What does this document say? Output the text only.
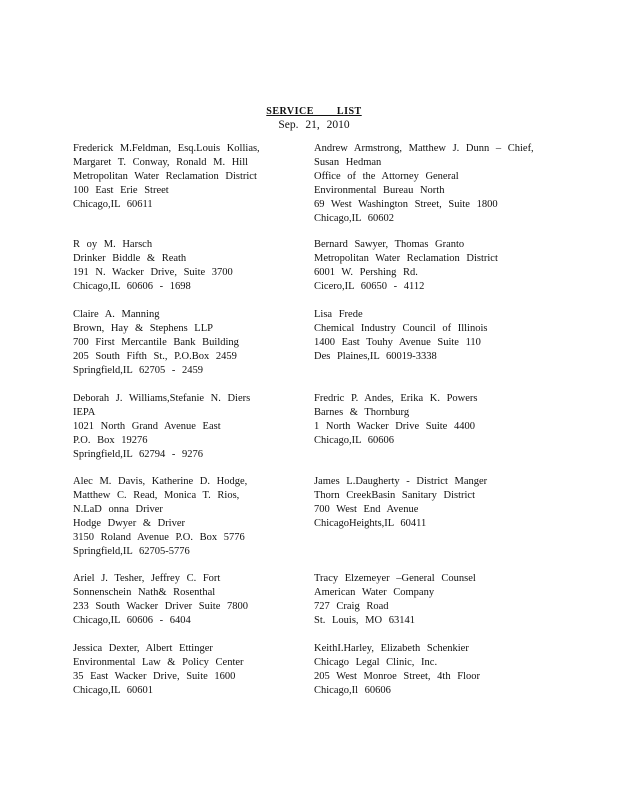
SERVICE LIST
Sep. 21, 2010
Frederick M.Feldman, Esq.Louis Kollias,
Margaret T. Conway, Ronald M. Hill
Metropolitan Water Reclamation District
100 East Erie Street
Chicago,IL 60611
Andrew Armstrong, Matthew J. Dunn – Chief,
Susan Hedman
Office of the Attorney General
Environmental Bureau North
69 West Washington Street, Suite 1800
Chicago,IL 60602
R oy M. Harsch
Drinker Biddle & Reath
191 N. Wacker Drive, Suite 3700
Chicago,IL 60606 - 1698
Bernard Sawyer, Thomas Granto
Metropolitan Water Reclamation District
6001 W. Pershing Rd.
Cicero,IL 60650 - 4112
Claire A. Manning
Brown, Hay & Stephens LLP
700 First Mercantile Bank Building
205 South Fifth St., P.O.Box 2459
Springfield,IL 62705 - 2459
Lisa Frede
Chemical Industry Council of Illinois
1400 East Touhy Avenue Suite 110
Des Plaines,IL 60019-3338
Deborah J. Williams,Stefanie N. Diers
IEPA
1021 North Grand Avenue East
P.O. Box 19276
Springfield,IL 62794 - 9276
Fredric P. Andes, Erika K. Powers
Barnes & Thornburg
1 North Wacker Drive Suite 4400
Chicago,IL 60606
Alec M. Davis, Katherine D. Hodge,
Matthew C. Read, Monica T. Rios,
N.LaD onna Driver
Hodge Dwyer & Driver
3150 Roland Avenue P.O. Box 5776
Springfield,IL 62705-5776
James L.Daugherty - District Manger
Thorn CreekBasin Sanitary District
700 West End Avenue
ChicagoHeights,IL 60411
Ariel J. Tesher, Jeffrey C. Fort
Sonnenschein Nath& Rosenthal
233 South Wacker Driver Suite 7800
Chicago,IL 60606 - 6404
Tracy Elzemeyer –General Counsel
American Water Company
727 Craig Road
St. Louis, MO 63141
Jessica Dexter, Albert Ettinger
Environmental Law & Policy Center
35 East Wacker Drive, Suite 1600
Chicago,IL 60601
KeithI.Harley, Elizabeth Schenkier
Chicago Legal Clinic, Inc.
205 West Monroe Street, 4th Floor
Chicago,Il 60606
